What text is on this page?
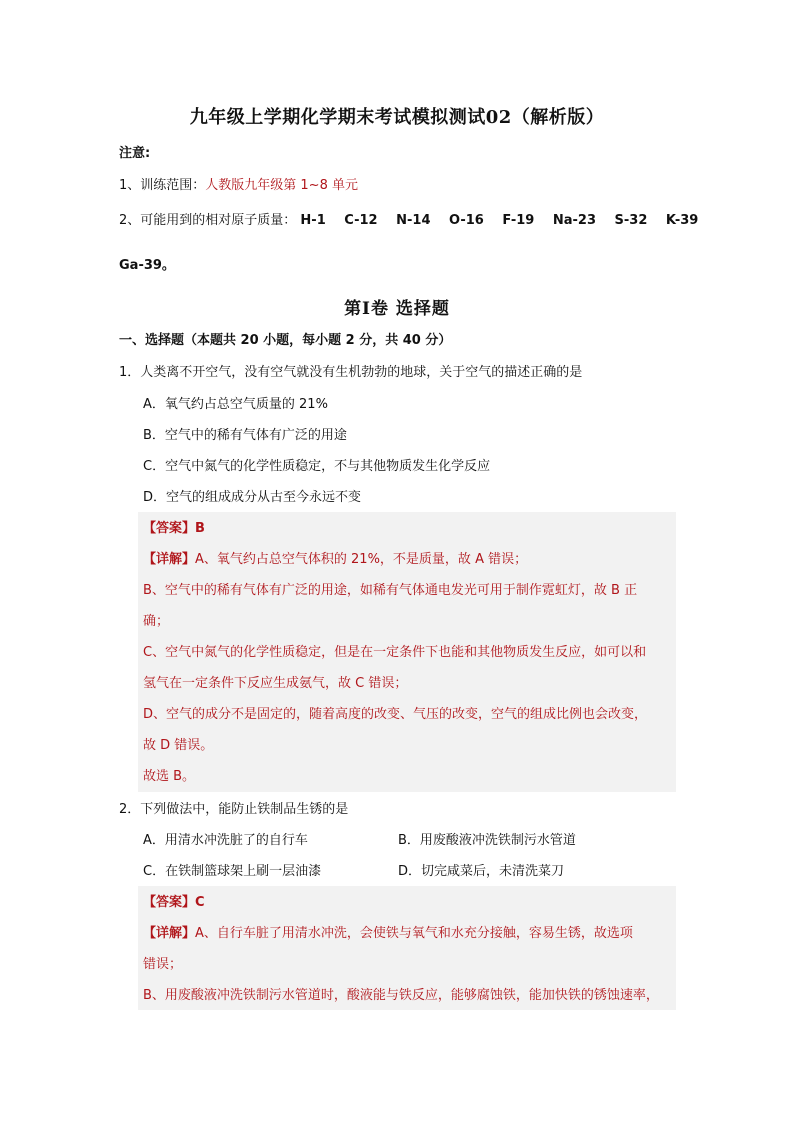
九年级上学期化学期末考试模拟测试02（解析版）
注意:
1、训练范围：人教版九年级第 1~8 单元
2、可能用到的相对原子质量： H-1 C-12 N-14 O-16 F-19 Na-23 S-32 K-39
Ga-39。
第Ⅰ卷 选择题
一、选择题（本题共 20 小题，每小题 2 分，共 40 分）
1．人类离不开空气，没有空气就没有生机勃勃的地球，关于空气的描述正确的是
A．氧气约占总空气质量的 21%
B．空气中的稀有气体有广泛的用途
C．空气中氮气的化学性质稳定，不与其他物质发生化学反应
D．空气的组成成分从古至今永远不变
【答案】B
【详解】A、氧气约占总空气体积的 21%，不是质量，故 A 错误；
B、空气中的稀有气体有广泛的用途，如稀有气体通电发光可用于制作霓虹灯，故 B 正
确；
C、空气中氮气的化学性质稳定，但是在一定条件下也能和其他物质发生反应，如可以和
氢气在一定条件下反应生成氨气，故 C 错误；
D、空气的成分不是固定的，随着高度的改变、气压的改变，空气的组成比例也会改变，
故 D 错误。
故选 B。
2．下列做法中，能防止铁制品生锈的是
A．用清水冲洗脏了的自行车	B．用废酸液冲洗铁制污水管道
C．在铁制篮球架上刷一层油漆	D．切完咸菜后，未清洗菜刀
【答案】C
【详解】A、自行车脏了用清水冲洗，会使铁与氧气和水充分接触，容易生锈，故选项
错误；
B、用废酸液冲洗铁制污水管道时，酸液能与铁反应，能够腐蚀铁，能加快铁的锈蚀速率，
